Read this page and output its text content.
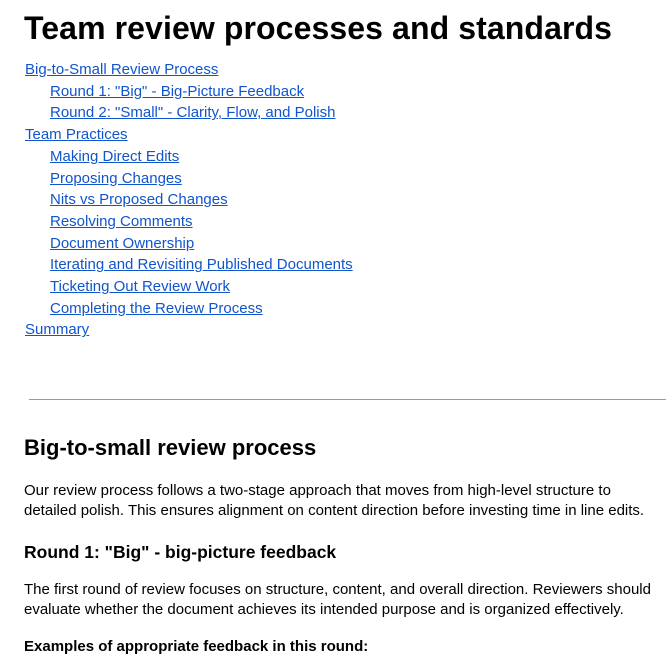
Team review processes and standards
Big-to-Small Review Process
Round 1: "Big" - Big-Picture Feedback
Round 2: "Small" - Clarity, Flow, and Polish
Team Practices
Making Direct Edits
Proposing Changes
Nits vs Proposed Changes
Resolving Comments
Document Ownership
Iterating and Revisiting Published Documents
Ticketing Out Review Work
Completing the Review Process
Summary
Big-to-small review process

Our review process follows a two-stage approach that moves from high-level structure to detailed polish. This ensures alignment on content direction before investing time in line edits.

Round 1: "Big" - big-picture feedback

The first round of review focuses on structure, content, and overall direction. Reviewers should evaluate whether the document achieves its intended purpose and is organized effectively.

Examples of appropriate feedback in this round:
